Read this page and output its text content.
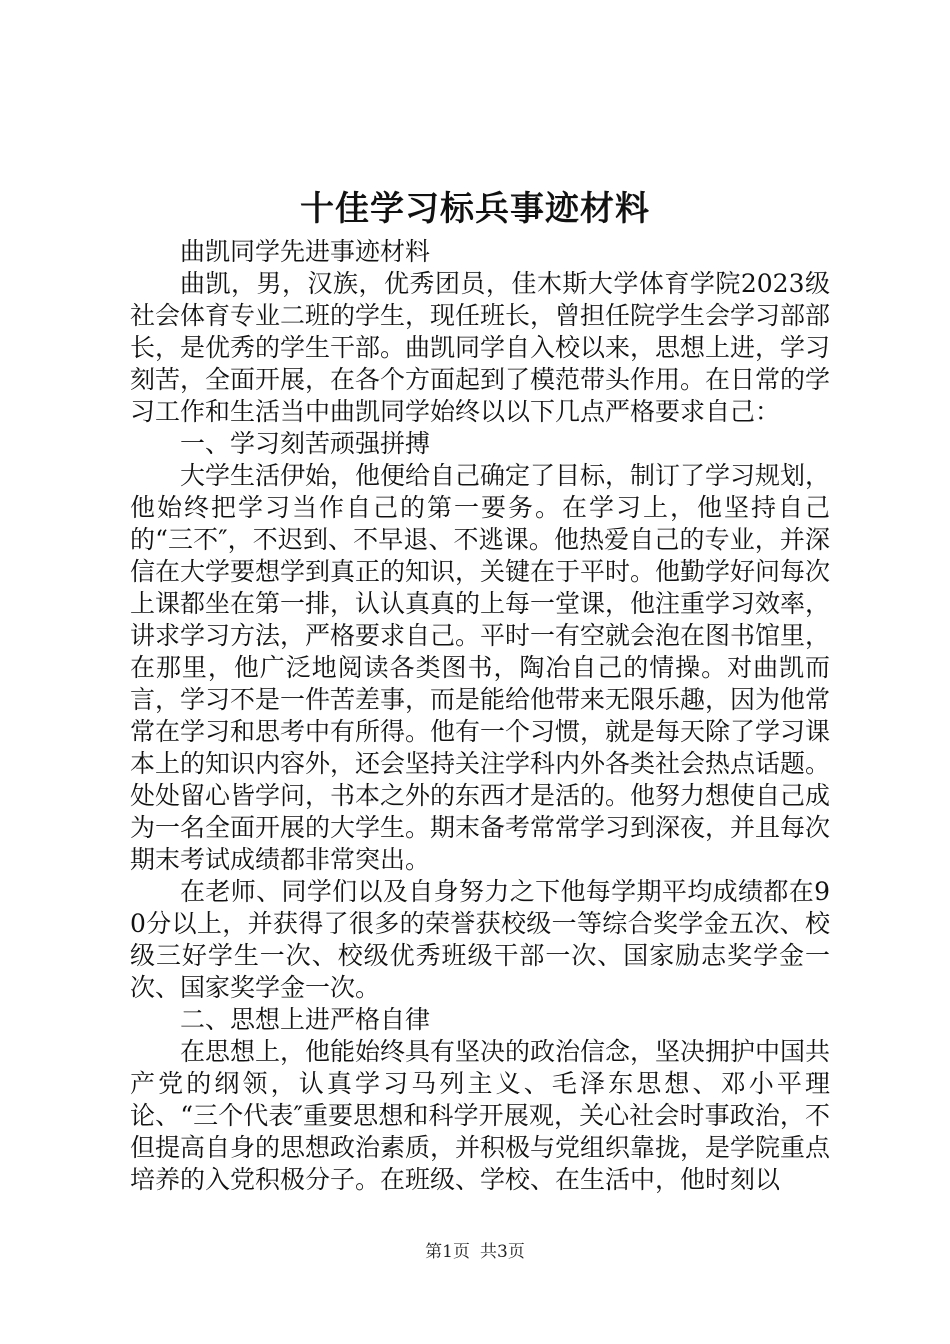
十佳学习标兵事迹材料

曲凯同学先进事迹材料

曲凯，男，汉族，优秀团员，佳木斯大学体育学院2023级社会体育专业二班的学生，现任班长，曾担任院学生会学习部部长，是优秀的学生干部。曲凯同学自入校以来，思想上进，学习刻苦，全面开展，在各个方面起到了模范带头作用。在日常的学习工作和生活当中曲凯同学始终以以下几点严格要求自己：

一、学习刻苦顽强拼搏

大学生活伊始，他便给自己确定了目标，制订了学习规划，他始终把学习当作自己的第一要务。在学习上，他坚持自己的“三不″，不迟到、不早退、不逃课。他热爱自己的专业，并深信在大学要想学到真正的知识，关键在于平时。他勤学好问每次上课都坐在第一排，认认真真的上每一堂课，他注重学习效率，讲求学习方法，严格要求自己。平时一有空就会泡在图书馆里，在那里，他广泛地阅读各类图书，陶冶自己的情操。对曲凯而言，学习不是一件苦差事，而是能给他带来无限乐趣，因为他常常在学习和思考中有所得。他有一个习惯，就是每天除了学习课本上的知识内容外，还会坚持关注学科内外各类社会热点话题。处处留心皆学问，书本之外的东西才是活的。他努力想使自己成为一名全面开展的大学生。期末备考常常学习到深夜，并且每次期末考试成绩都非常突出。

在老师、同学们以及自身努力之下他每学期平均成绩都在90分以上，并获得了很多的荣誉获校级一等综合奖学金五次、校级三好学生一次、校级优秀班级干部一次、国家励志奖学金一次、国家奖学金一次。

二、思想上进严格自律

在思想上，他能始终具有坚决的政治信念，坚决拥护中国共产党的纲领，认真学习马列主义、毛泽东思想、邓小平理论、“三个代表″重要思想和科学开展观，关心社会时事政治，不但提高自身的思想政治素质，并积极与党组织靠拢，是学院重点培养的入党积极分子。在班级、学校、在生活中，他时刻以

第1页 共3页
